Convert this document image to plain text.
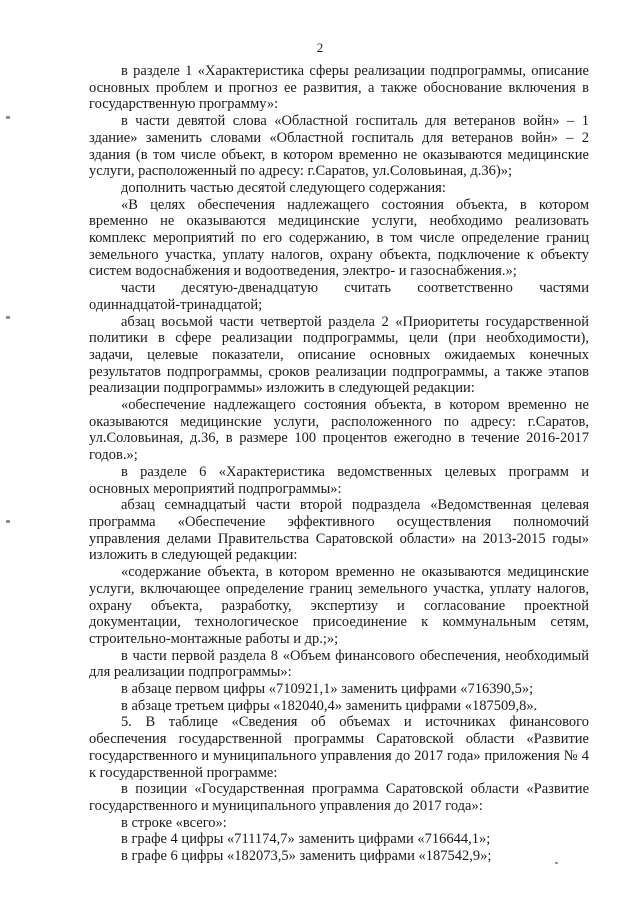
2

в разделе 1 «Характеристика сферы реализации подпрограммы, описание основных проблем и прогноз ее развития, а также обоснование включения в государственную программу»:

в части девятой слова «Областной госпиталь для ветеранов войн» – 1 здание» заменить словами «Областной госпиталь для ветеранов войн» – 2 здания (в том числе объект, в котором временно не оказываются медицинские услуги, расположенный по адресу: г.Саратов, ул.Соловьиная, д.36)»;

дополнить частью десятой следующего содержания:

«В целях обеспечения надлежащего состояния объекта, в котором временно не оказываются медицинские услуги, необходимо реализовать комплекс мероприятий по его содержанию, в том числе определение границ земельного участка, уплату налогов, охрану объекта, подключение к объекту систем водоснабжения и водоотведения, электро- и газоснабжения.»;

части десятую-двенадцатую считать соответственно частями одиннадцатой-тринадцатой;

абзац восьмой части четвертой раздела 2 «Приоритеты государственной политики в сфере реализации подпрограммы, цели (при необходимости), задачи, целевые показатели, описание основных ожидаемых конечных результатов подпрограммы, сроков реализации подпрограммы, а также этапов реализации подпрограммы» изложить в следующей редакции:

«обеспечение надлежащего состояния объекта, в котором временно не оказываются медицинские услуги, расположенного по адресу: г.Саратов, ул.Соловьиная, д.36, в размере 100 процентов ежегодно в течение 2016-2017 годов.»;

в разделе 6 «Характеристика ведомственных целевых программ и основных мероприятий подпрограммы»:

абзац семнадцатый части второй подраздела «Ведомственная целевая программа «Обеспечение эффективного осуществления полномочий управления делами Правительства Саратовской области» на 2013-2015 годы» изложить в следующей редакции:

«содержание объекта, в котором временно не оказываются медицинские услуги, включающее определение границ земельного участка, уплату налогов, охрану объекта, разработку, экспертизу и согласование проектной документации, технологическое присоединение к коммунальным сетям, строительно-монтажные работы и др.;»;

в части первой раздела 8 «Объем финансового обеспечения, необходимый для реализации подпрограммы»:

в абзаце первом цифры «710921,1» заменить цифрами «716390,5»;

в абзаце третьем цифры «182040,4» заменить цифрами «187509,8».

5. В таблице «Сведения об объемах и источниках финансового обеспечения государственной программы Саратовской области «Развитие государственного и муниципального управления до 2017 года» приложения № 4 к государственной программе:

в позиции «Государственная программа Саратовской области «Развитие государственного и муниципального управления до 2017 года»:

в строке «всего»:

в графе 4 цифры «711174,7» заменить цифрами «716644,1»;

в графе 6 цифры «182073,5» заменить цифрами «187542,9»;
